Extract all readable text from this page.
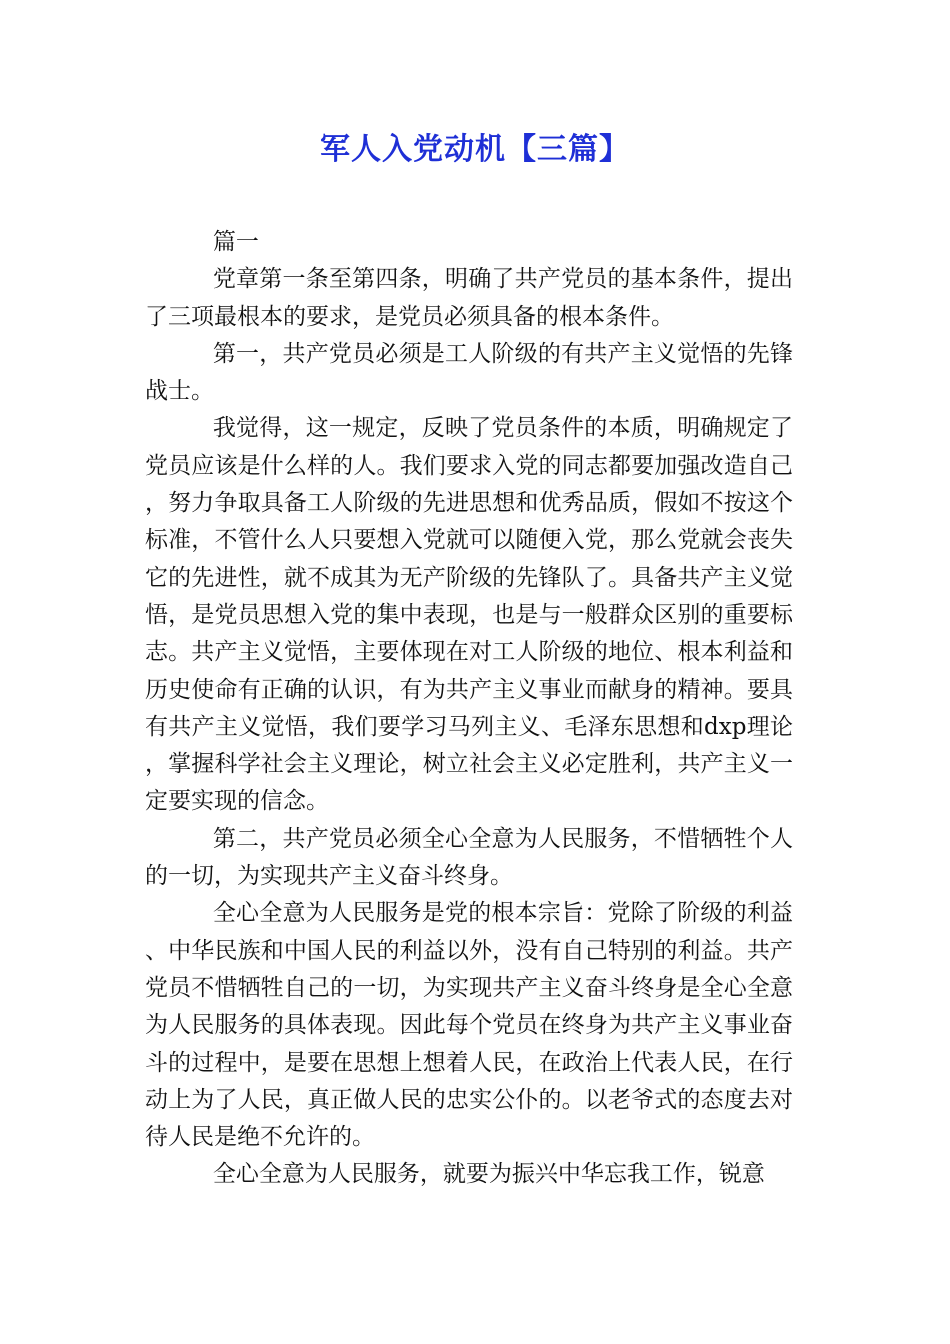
军人入党动机【三篇】

篇一

党章第一条至第四条，明确了共产党员的基本条件，提出了三项最根本的要求，是党员必须具备的根本条件。

第一，共产党员必须是工人阶级的有共产主义觉悟的先锋战士。

我觉得，这一规定，反映了党员条件的本质，明确规定了党员应该是什么样的人。我们要求入党的同志都要加强改造自己，努力争取具备工人阶级的先进思想和优秀品质，假如不按这个标准，不管什么人只要想入党就可以随便入党，那么党就会丧失它的先进性，就不成其为无产阶级的先锋队了。具备共产主义觉悟，是党员思想入党的集中表现，也是与一般群众区别的重要标志。共产主义觉悟，主要体现在对工人阶级的地位、根本利益和历史使命有正确的认识，有为共产主义事业而献身的精神。要具有共产主义觉悟，我们要学习马列主义、毛泽东思想和dxp理论，掌握科学社会主义理论，树立社会主义必定胜利，共产主义一定要实现的信念。

第二，共产党员必须全心全意为人民服务，不惜牺牲个人的一切，为实现共产主义奋斗终身。

全心全意为人民服务是党的根本宗旨：党除了阶级的利益、中华民族和中国人民的利益以外，没有自己特别的利益。共产党员不惜牺牲自己的一切，为实现共产主义奋斗终身是全心全意为人民服务的具体表现。因此每个党员在终身为共产主义事业奋斗的过程中，是要在思想上想着人民，在政治上代表人民，在行动上为了人民，真正做人民的忠实公仆的。以老爷式的态度去对待人民是绝不允许的。

全心全意为人民服务，就要为振兴中华忘我工作，锐意
